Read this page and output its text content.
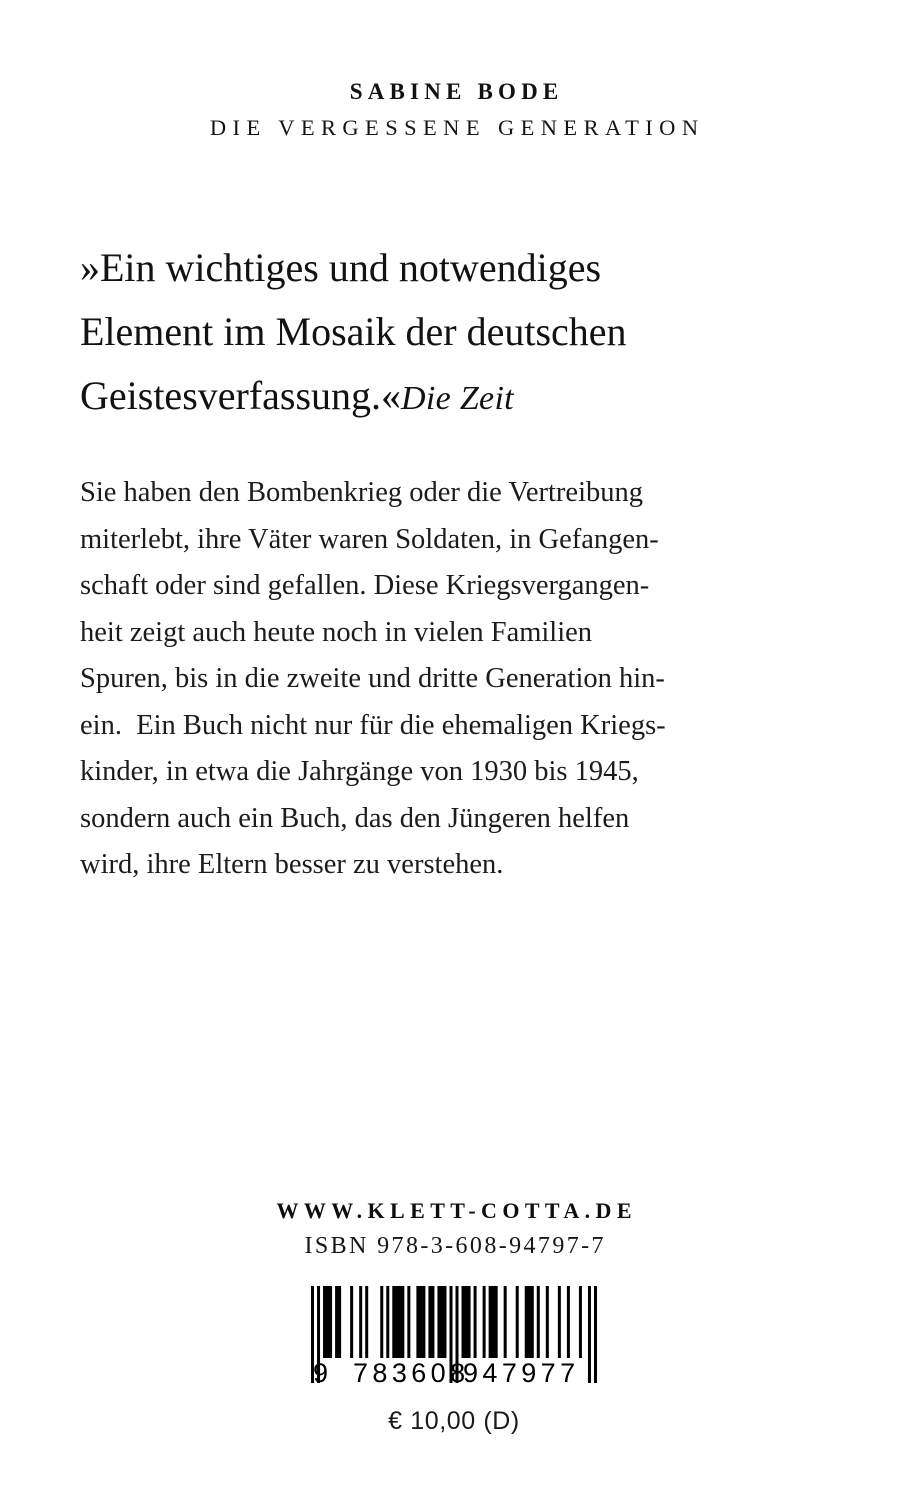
SABINE BODE
DIE VERGESSENE GENERATION
»Ein wichtiges und notwendiges
Element im Mosaik der deutschen
Geistesverfassung.«Die Zeit
Sie haben den Bombenkrieg oder die Vertreibung
miterlebt, ihre Väter waren Soldaten, in Gefangen-
schaft oder sind gefallen. Diese Kriegsvergangen-
heit zeigt auch heute noch in vielen Familien
Spuren, bis in die zweite und dritte Generation hin-
ein.  Ein Buch nicht nur für die ehemaligen Kriegs-
kinder, in etwa die Jahrgänge von 1930 bis 1945,
sondern auch ein Buch, das den Jüngeren helfen
wird, ihre Eltern besser zu verstehen.
WWW.KLETT-COTTA.DE
ISBN 978-3-608-94797-7
9 783608
947977
€ 10,00 (D)
